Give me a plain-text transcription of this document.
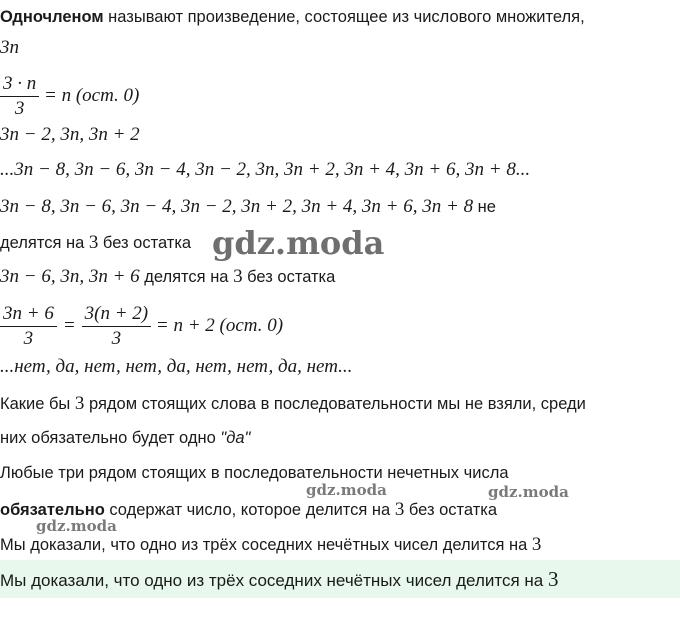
Одночленом называют произведение, состоящее из числового множителя,
3n
$\frac{3 \cdot n}{3} = n$ (ост. 0)
3n − 2, 3n, 3n + 2
...3n − 8, 3n − 6, 3n − 4, 3n − 2, 3n, 3n + 2, 3n + 4, 3n + 6, 3n + 8...
3n − 8, 3n − 6, 3n − 4, 3n − 2, 3n + 2, 3n + 4, 3n + 6, 3n + 8 не
делятся на 3 без остатка
3n − 6, 3n, 3n + 6 делятся на 3 без остатка
$\frac{3n + 6}{3} = \frac{3(n + 2)}{3} = n + 2$ (ост. 0)
...нет, да, нет, нет, да, нет, нет, да, нет...
Какие бы 3 рядом стоящих слова в последовательности мы не взяли, среди
них обязательно будет одно "да"
Любые три рядом стоящих в последовательности нечетных числа
обязательно содержат число, которое делится на 3 без остатка
Мы доказали, что одно из трёх соседних нечётных чисел делится на 3
Мы доказали, что одно из трёх соседних нечётных чисел делится на 3
gdz.moda
gdz.moda	gdz.moda
gdz.moda
